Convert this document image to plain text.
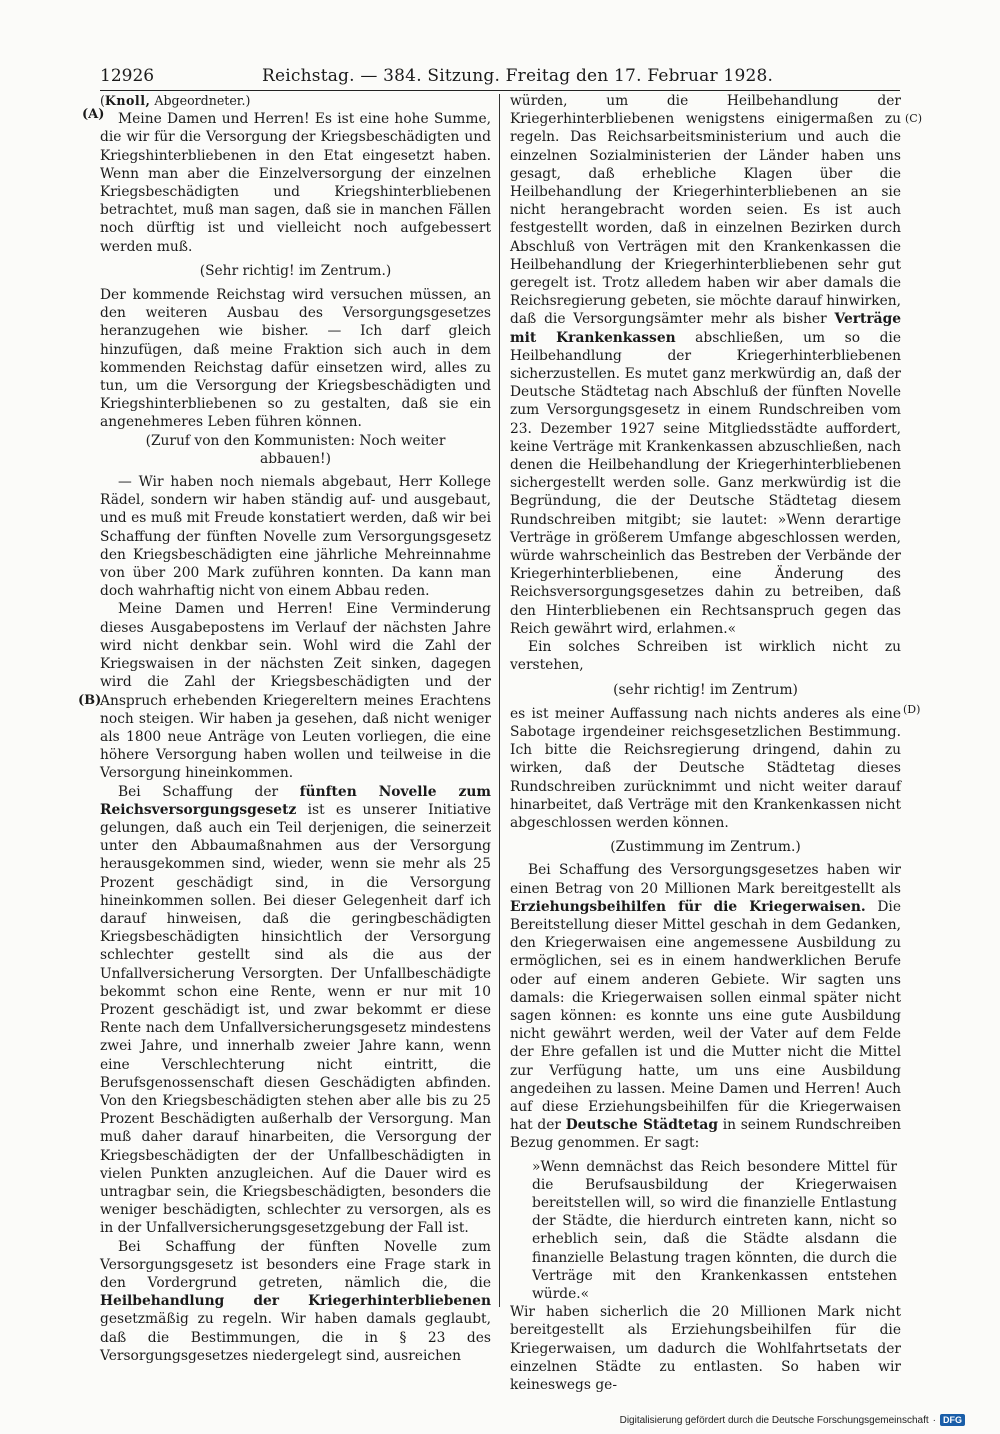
12926	Reichstag. — 384. Sitzung. Freitag den 17. Februar 1928.
(A)
(B)
(C)
(D)

(Knoll, Abgeordneter.)

Meine Damen und Herren! Es ist eine hohe Summe, die wir für die Versorgung der Kriegsbeschädigten und Kriegshinterbliebenen in den Etat eingesetzt haben. Wenn man aber die Einzelversorgung der einzelnen Kriegsbeschädigten und Kriegshinterbliebenen betrachtet, muß man sagen, daß sie in manchen Fällen noch dürftig ist und vielleicht noch aufgebessert werden muß.

(Sehr richtig! im Zentrum.)

Der kommende Reichstag wird versuchen müssen, an den weiteren Ausbau des Versorgungsgesetzes heranzugehen wie bisher. — Ich darf gleich hinzufügen, daß meine Fraktion sich auch in dem kommenden Reichstag dafür einsetzen wird, alles zu tun, um die Versorgung der Kriegsbeschädigten und Kriegshinterbliebenen so zu gestalten, daß sie ein angenehmeres Leben führen können.

(Zuruf von den Kommunisten: Noch weiter abbauen!)

— Wir haben noch niemals abgebaut, Herr Kollege Rädel, sondern wir haben ständig auf- und ausgebaut, und es muß mit Freude konstatiert werden, daß wir bei Schaffung der fünften Novelle zum Versorgungsgesetz den Kriegsbeschädigten eine jährliche Mehreinnahme von über 200 Mark zuführen konnten. Da kann man doch wahrhaftig nicht von einem Abbau reden.

Meine Damen und Herren! Eine Verminderung dieses Ausgabepostens im Verlauf der nächsten Jahre wird nicht denkbar sein. Wohl wird die Zahl der Kriegswaisen in der nächsten Zeit sinken, dagegen wird die Zahl der Kriegsbeschädigten und der Anspruch erhebenden Kriegereltern meines Erachtens noch steigen. Wir haben ja gesehen, daß nicht weniger als 1800 neue Anträge von Leuten vorliegen, die eine höhere Versorgung haben wollen und teilweise in die Versorgung hineinkommen.

Bei Schaffung der fünften Novelle zum Reichsversorgungsgesetz ist es unserer Initiative gelungen, daß auch ein Teil derjenigen, die seinerzeit unter den Abbaumaßnahmen aus der Versorgung herausgekommen sind, wieder, wenn sie mehr als 25 Prozent geschädigt sind, in die Versorgung hineinkommen sollen. Bei dieser Gelegenheit darf ich darauf hinweisen, daß die geringbeschädigten Kriegsbeschädigten hinsichtlich der Versorgung schlechter gestellt sind als die aus der Unfallversicherung Versorgten. Der Unfallbeschädigte bekommt schon eine Rente, wenn er nur mit 10 Prozent geschädigt ist, und zwar bekommt er diese Rente nach dem Unfallversicherungsgesetz mindestens zwei Jahre, und innerhalb zweier Jahre kann, wenn eine Verschlechterung nicht eintritt, die Berufsgenossenschaft diesen Geschädigten abfinden. Von den Kriegsbeschädigten stehen aber alle bis zu 25 Prozent Beschädigten außerhalb der Versorgung. Man muß daher darauf hinarbeiten, die Versorgung der Kriegsbeschädigten der der Unfallbeschädigten in vielen Punkten anzugleichen. Auf die Dauer wird es untragbar sein, die Kriegsbeschädigten, besonders die weniger beschädigten, schlechter zu versorgen, als es in der Unfallversicherungsgesetzgebung der Fall ist.

Bei Schaffung der fünften Novelle zum Versorgungsgesetz ist besonders eine Frage stark in den Vordergrund getreten, nämlich die, die Heilbehandlung der Kriegerhinterbliebenen gesetzmäßig zu regeln. Wir haben damals geglaubt, daß die Bestimmungen, die in § 23 des Versorgungsgesetzes niedergelegt sind, ausreichen

würden, um die Heilbehandlung der Kriegerhinterbliebenen wenigstens einigermaßen zu regeln. Das Reichsarbeitsministerium und auch die einzelnen Sozialministerien der Länder haben uns gesagt, daß erhebliche Klagen über die Heilbehandlung der Kriegerhinterbliebenen an sie nicht herangebracht worden seien. Es ist auch festgestellt worden, daß in einzelnen Bezirken durch Abschluß von Verträgen mit den Krankenkassen die Heilbehandlung der Kriegerhinterbliebenen sehr gut geregelt ist. Trotz alledem haben wir aber damals die Reichsregierung gebeten, sie möchte darauf hinwirken, daß die Versorgungsämter mehr als bisher Verträge mit Krankenkassen abschließen, um so die Heilbehandlung der Kriegerhinterbliebenen sicherzustellen. Es mutet ganz merkwürdig an, daß der Deutsche Städtetag nach Abschluß der fünften Novelle zum Versorgungsgesetz in einem Rundschreiben vom 23. Dezember 1927 seine Mitgliedsstädte auffordert, keine Verträge mit Krankenkassen abzuschließen, nach denen die Heilbehandlung der Kriegerhinterbliebenen sichergestellt werden solle. Ganz merkwürdig ist die Begründung, die der Deutsche Städtetag diesem Rundschreiben mitgibt; sie lautet: »Wenn derartige Verträge in größerem Umfange abgeschlossen werden, würde wahrscheinlich das Bestreben der Verbände der Kriegerhinterbliebenen, eine Änderung des Reichsversorgungsgesetzes dahin zu betreiben, daß den Hinterbliebenen ein Rechtsanspruch gegen das Reich gewährt wird, erlahmen.«

Ein solches Schreiben ist wirklich nicht zu verstehen,

(sehr richtig! im Zentrum)

es ist meiner Auffassung nach nichts anderes als eine Sabotage irgendeiner reichsgesetzlichen Bestimmung. Ich bitte die Reichsregierung dringend, dahin zu wirken, daß der Deutsche Städtetag dieses Rundschreiben zurücknimmt und nicht weiter darauf hinarbeitet, daß Verträge mit den Krankenkassen nicht abgeschlossen werden können.

(Zustimmung im Zentrum.)

Bei Schaffung des Versorgungsgesetzes haben wir einen Betrag von 20 Millionen Mark bereitgestellt als Erziehungsbeihilfen für die Kriegerwaisen. Die Bereitstellung dieser Mittel geschah in dem Gedanken, den Kriegerwaisen eine angemessene Ausbildung zu ermöglichen, sei es in einem handwerklichen Berufe oder auf einem anderen Gebiete. Wir sagten uns damals: die Kriegerwaisen sollen einmal später nicht sagen können: es konnte uns eine gute Ausbildung nicht gewährt werden, weil der Vater auf dem Felde der Ehre gefallen ist und die Mutter nicht die Mittel zur Verfügung hatte, um uns eine Ausbildung angedeihen zu lassen. Meine Damen und Herren! Auch auf diese Erziehungsbeihilfen für die Kriegerwaisen hat der Deutsche Städtetag in seinem Rundschreiben Bezug genommen. Er sagt:

»Wenn demnächst das Reich besondere Mittel für die Berufsausbildung der Kriegerwaisen bereitstellen will, so wird die finanzielle Entlastung der Städte, die hierdurch eintreten kann, nicht so erheblich sein, daß die Städte alsdann die finanzielle Belastung tragen könnten, die durch die Verträge mit den Krankenkassen entstehen würde.«

Wir haben sicherlich die 20 Millionen Mark nicht bereitgestellt als Erziehungsbeihilfen für die Kriegerwaisen, um dadurch die Wohlfahrtsetats der einzelnen Städte zu entlasten. So haben wir keineswegs ge-

Digitalisierung gefördert durch die Deutsche Forschungsgemeinschaft · DFG
